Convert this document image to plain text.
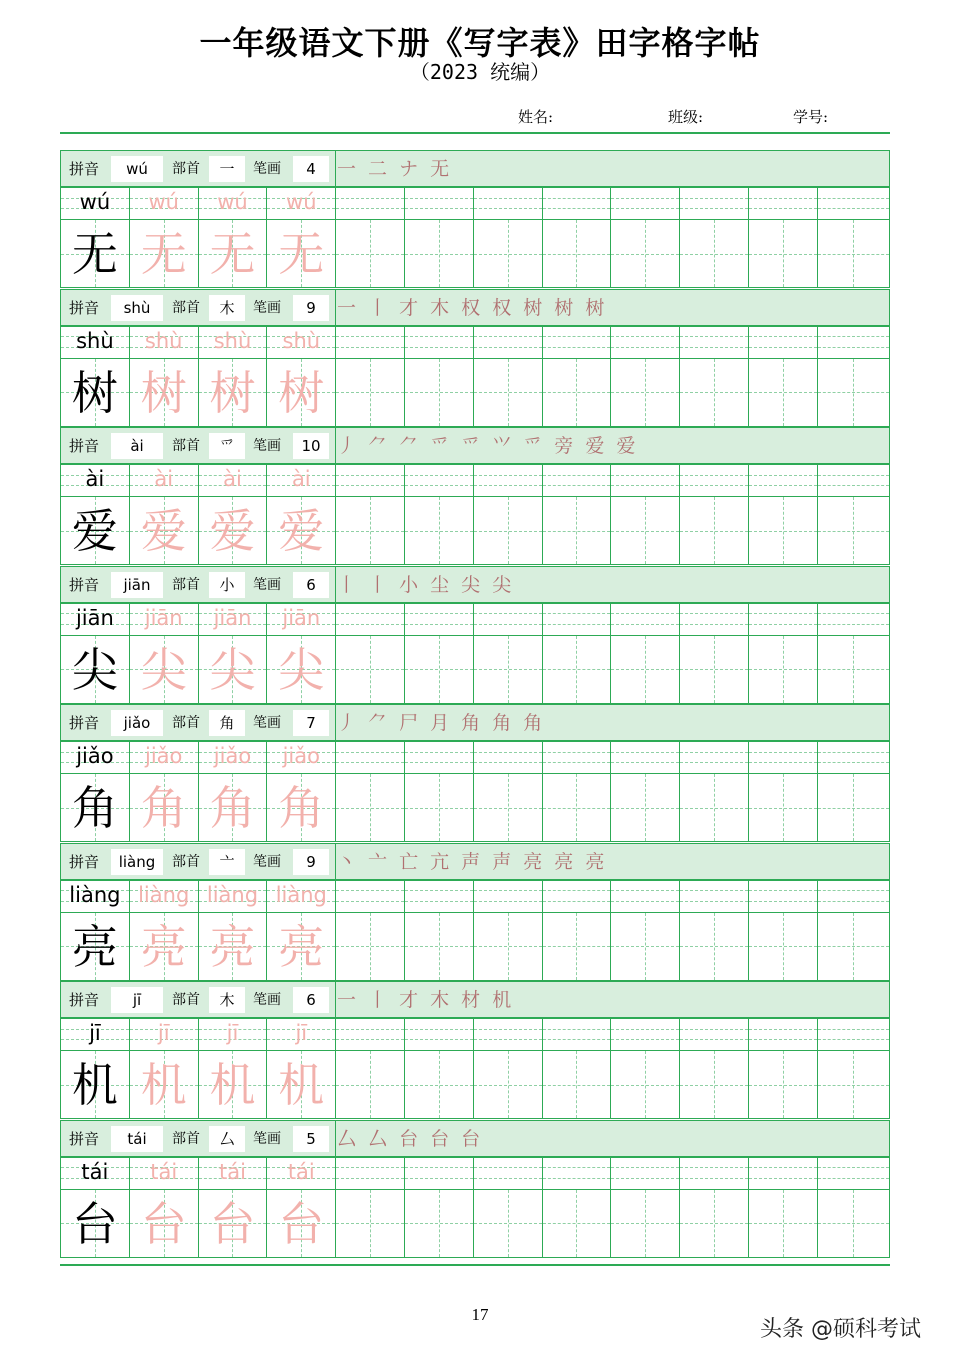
一年级语文下册《写字表》田字格字帖
（2023 统编）
姓名:	班级:	学号:
拼音	wú	部首	一	笔画	4	一 二 ナ 无
wú	wú	wú	wú
无 无 无 无
拼音	shù	部首	木	笔画	9	一 丨 才 木 权 权 树 树 树
shù	shù	shù	shù
树 树 树 树
拼音	ài	部首	爫	笔画	10 丿 ⺈ ⺈ 爫 爫 ⺍ 爫 旁 爱 爱
ài	ài	ài	ài
爱 爱 爱 爱
拼音	jiān	部首	小	笔画	6	丨 丨 小 尘 尖 尖
jiān	jiān	jiān	jiān
尖 尖 尖 尖
拼音	jiǎo	部首	角	笔画	7	丿 ⺈ 尸 月 角 角 角
jiǎo	jiǎo	jiǎo	jiǎo
角 角 角 角
拼音	liàng	部首	亠	笔画	9	丶 亠 亡 亢 声 声 亮 亮 亮
liàng liàng liàng liàng
亮 亮 亮 亮
拼音	jī	部首	木	笔画	6	一 丨 才 木 材 机
jī	jī	jī	jī
机 机 机 机
拼音	tái	部首	厶	笔画	5	厶 厶 台 台 台
tái	tái	tái	tái
台 台 台 台
17
头条 @硕科考试
